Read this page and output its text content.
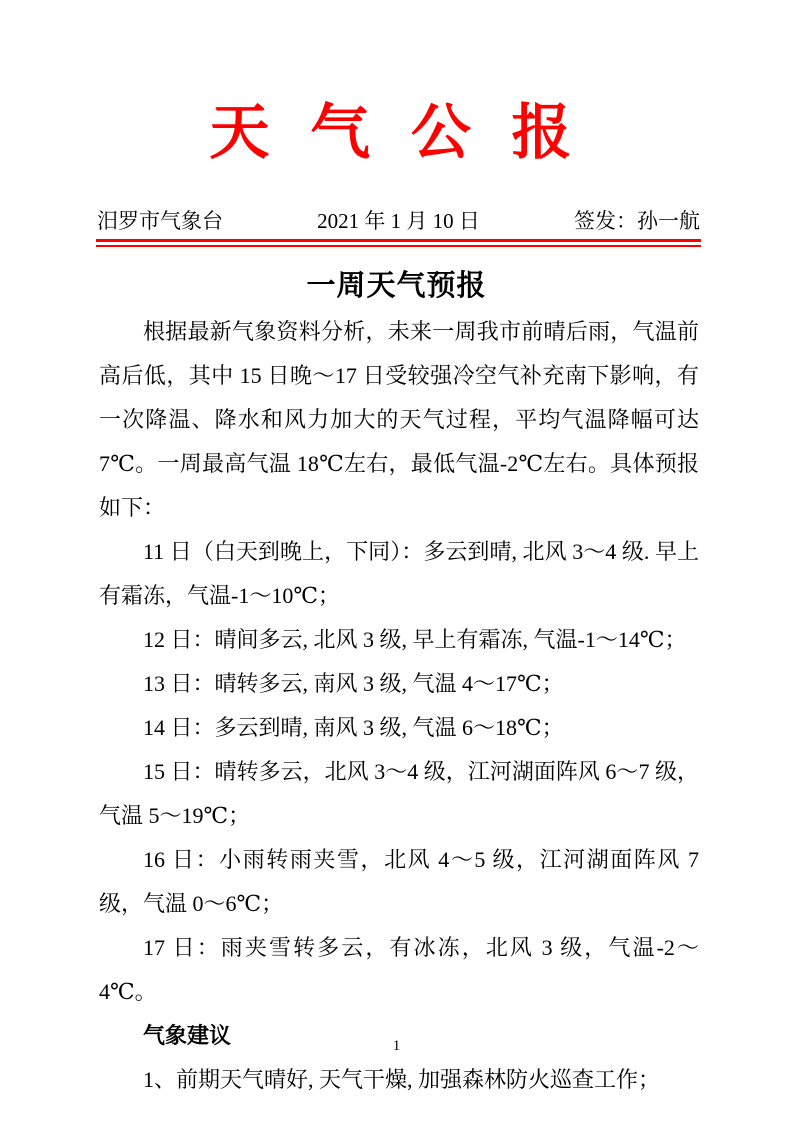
天 气 公 报
汨罗市气象台	2021 年 1 月 10 日	签发：孙一航
一周天气预报

根据最新气象资料分析，未来一周我市前晴后雨，气温前高后低，其中 15 日晚～17 日受较强冷空气补充南下影响，有一次降温、降水和风力加大的天气过程，平均气温降幅可达 7℃。一周最高气温 18℃左右，最低气温-2℃左右。具体预报如下：

11 日（白天到晚上，下同）：多云到晴, 北风 3～4 级. 早上有霜冻，气温-1～10℃；

12 日：晴间多云, 北风 3 级, 早上有霜冻, 气温-1～14℃；

13 日：晴转多云, 南风 3 级, 气温 4～17℃；

14 日：多云到晴, 南风 3 级, 气温 6～18℃；

15 日：晴转多云，北风 3～4 级，江河湖面阵风 6～7 级，气温 5～19℃；

16 日：小雨转雨夹雪，北风 4～5 级，江河湖面阵风 7 级，气温 0～6℃；

17 日：雨夹雪转多云，有冰冻，北风 3 级，气温-2～4℃。

气象建议

1、前期天气晴好, 天气干燥, 加强森林防火巡查工作；

1
